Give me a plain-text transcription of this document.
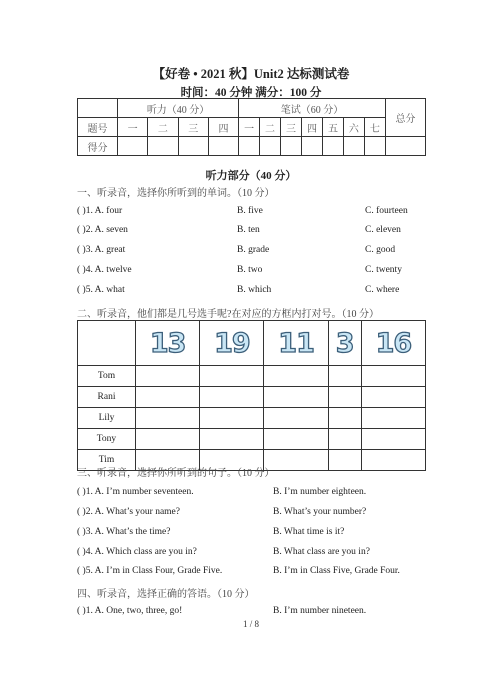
【好卷 • 2021 秋】Unit2 达标测试卷
时间：40 分钟 满分：100 分
	听力（40 分）				笔试（60 分）							总分
题号	一	二	三	四	一	二	三	四	五	六	七	
得分												
听力部分（40 分）
一、听录音，选择你所听到的单词。（10 分）
( )1. A. four	B. five	C. fourteen
( )2. A. seven	B. ten	C. eleven
( )3. A. great	B. grade	C. good
( )4. A. twelve	B. two	C. twenty
( )5. A. what	B. which	C. where
二、听录音，他们都是几号选手呢?在对应的方框内打对号。（10 分）
	13	19	11	3	16
Tom					
Rani					
Lily					
Tony					
Tim					
三、听录音，选择你所听到的句子。（10 分）
( )1. A. I’m number seventeen.	B. I’m number eighteen.
( )2. A. What’s your name?	B. What’s your number?
( )3. A. What’s the time?	B. What time is it?
( )4. A. Which class are you in?	B. What class are you in?
( )5. A. I’m in Class Four, Grade Five.	B. I’m in Class Five, Grade Four.
四、听录音，选择正确的答语。（10 分）
( )1. A. One, two, three, go!	B. I’m number nineteen.
1 / 8
